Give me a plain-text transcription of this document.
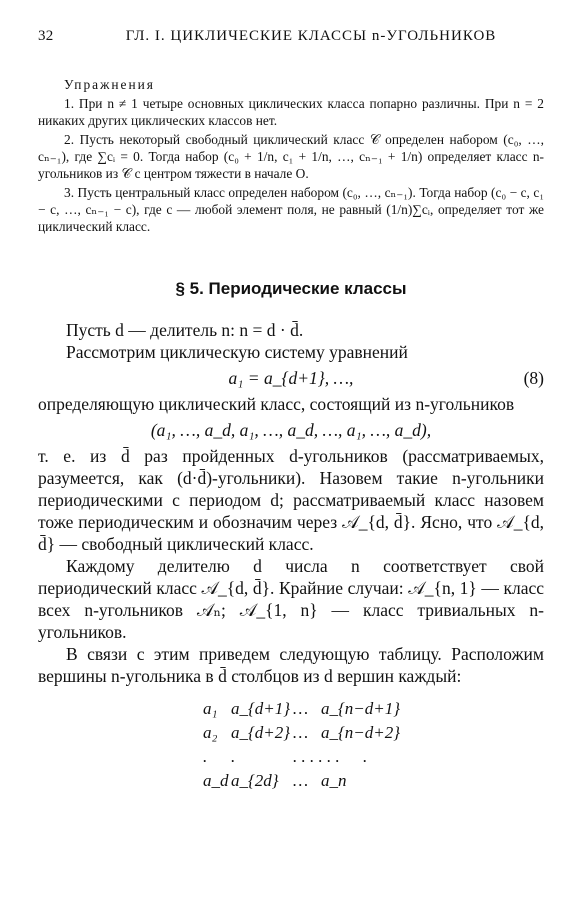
32	ГЛ. I. ЦИКЛИЧЕСКИЕ КЛАССЫ n-УГОЛЬНИКОВ
Упражнения

1. При n ≠ 1 четыре основных циклических класса попарно различны. При n = 2 никаких других циклических классов нет.

2. Пусть некоторый свободный циклический класс 𝒞 определен набором (c₀, …, cₙ₋₁), где ∑cᵢ = 0. Тогда набор (c₀ + 1/n, c₁ + 1/n, …, cₙ₋₁ + 1/n) определяет класс n-угольников из 𝒞 с центром тяжести в начале O.

3. Пусть центральный класс определен набором (c₀, …, cₙ₋₁). Тогда набор (c₀ − c, c₁ − c, …, cₙ₋₁ − c), где c — любой элемент поля, не равный (1/n)∑cᵢ, определяет тот же циклический класс.

§ 5. Периодические классы

Пусть d — делитель n: n = d · d̄.

Рассмотрим циклическую систему уравнений

a₁ = a_{d+1}, …,	(8)

определяющую циклический класс, состоящий из n-угольников

(a₁, …, a_d, a₁, …, a_d, …, a₁, …, a_d),

т. е. из d̄ раз пройденных d-угольников (рассматриваемых, разумеется, как (d·d̄)-угольники). Назовем такие n-угольники периодическими с периодом d; рассматриваемый класс назовем тоже периодическим и обозначим через 𝒜_{d, d̄}. Ясно, что 𝒜_{d, d̄} — свободный циклический класс.

Каждому делителю d числа n соответствует свой периодический класс 𝒜_{d, d̄}. Крайние случаи: 𝒜_{n, 1} — класс всех n-угольников 𝒜ₙ; 𝒜_{1, n} — класс тривиальных n-угольников.

В связи с этим приведем следующую таблицу. Расположим вершины n-угольника в d̄ столбцов из d вершин каждый:

a₁ a_{d+1} … a_{n−d+1}
a₂ a_{d+2} … a_{n−d+2}
.	.	. . . . . .	.
a_d a_{2d} … a_n
